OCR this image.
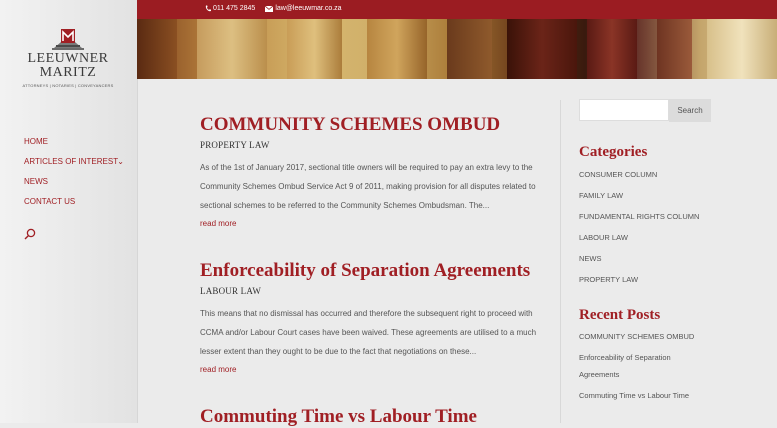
LEEUWNER
MARITZ
ATTORNEYS | NOTARIES | CONVEYANCERS
HOME
ARTICLES OF INTEREST ⌄
NEWS
CONTACT US
011 475 2845	law@leeuwmar.co.za
COMMUNITY SCHEMES OMBUD
PROPERTY LAW
As of the 1st of January 2017, sectional title owners will be required to pay an extra levy to the Community Schemes Ombud Service Act 9 of 2011, making provision for all disputes related to sectional schemes to be referred to the Community Schemes Ombudsman. The...
read more
Enforceability of Separation Agreements
LABOUR LAW
This means that no dismissal has occurred and therefore the subsequent right to proceed with CCMA and/or Labour Court cases have been waived. These agreements are utilised to a much lesser extent than they ought to be due to the fact that negotiations on these...
read more
Commuting Time vs Labour Time
Search
Categories
CONSUMER COLUMN
FAMILY LAW
FUNDAMENTAL RIGHTS COLUMN
LABOUR LAW
NEWS
PROPERTY LAW
Recent Posts
COMMUNITY SCHEMES OMBUD
Enforceability of Separation Agreements
Commuting Time vs Labour Time
